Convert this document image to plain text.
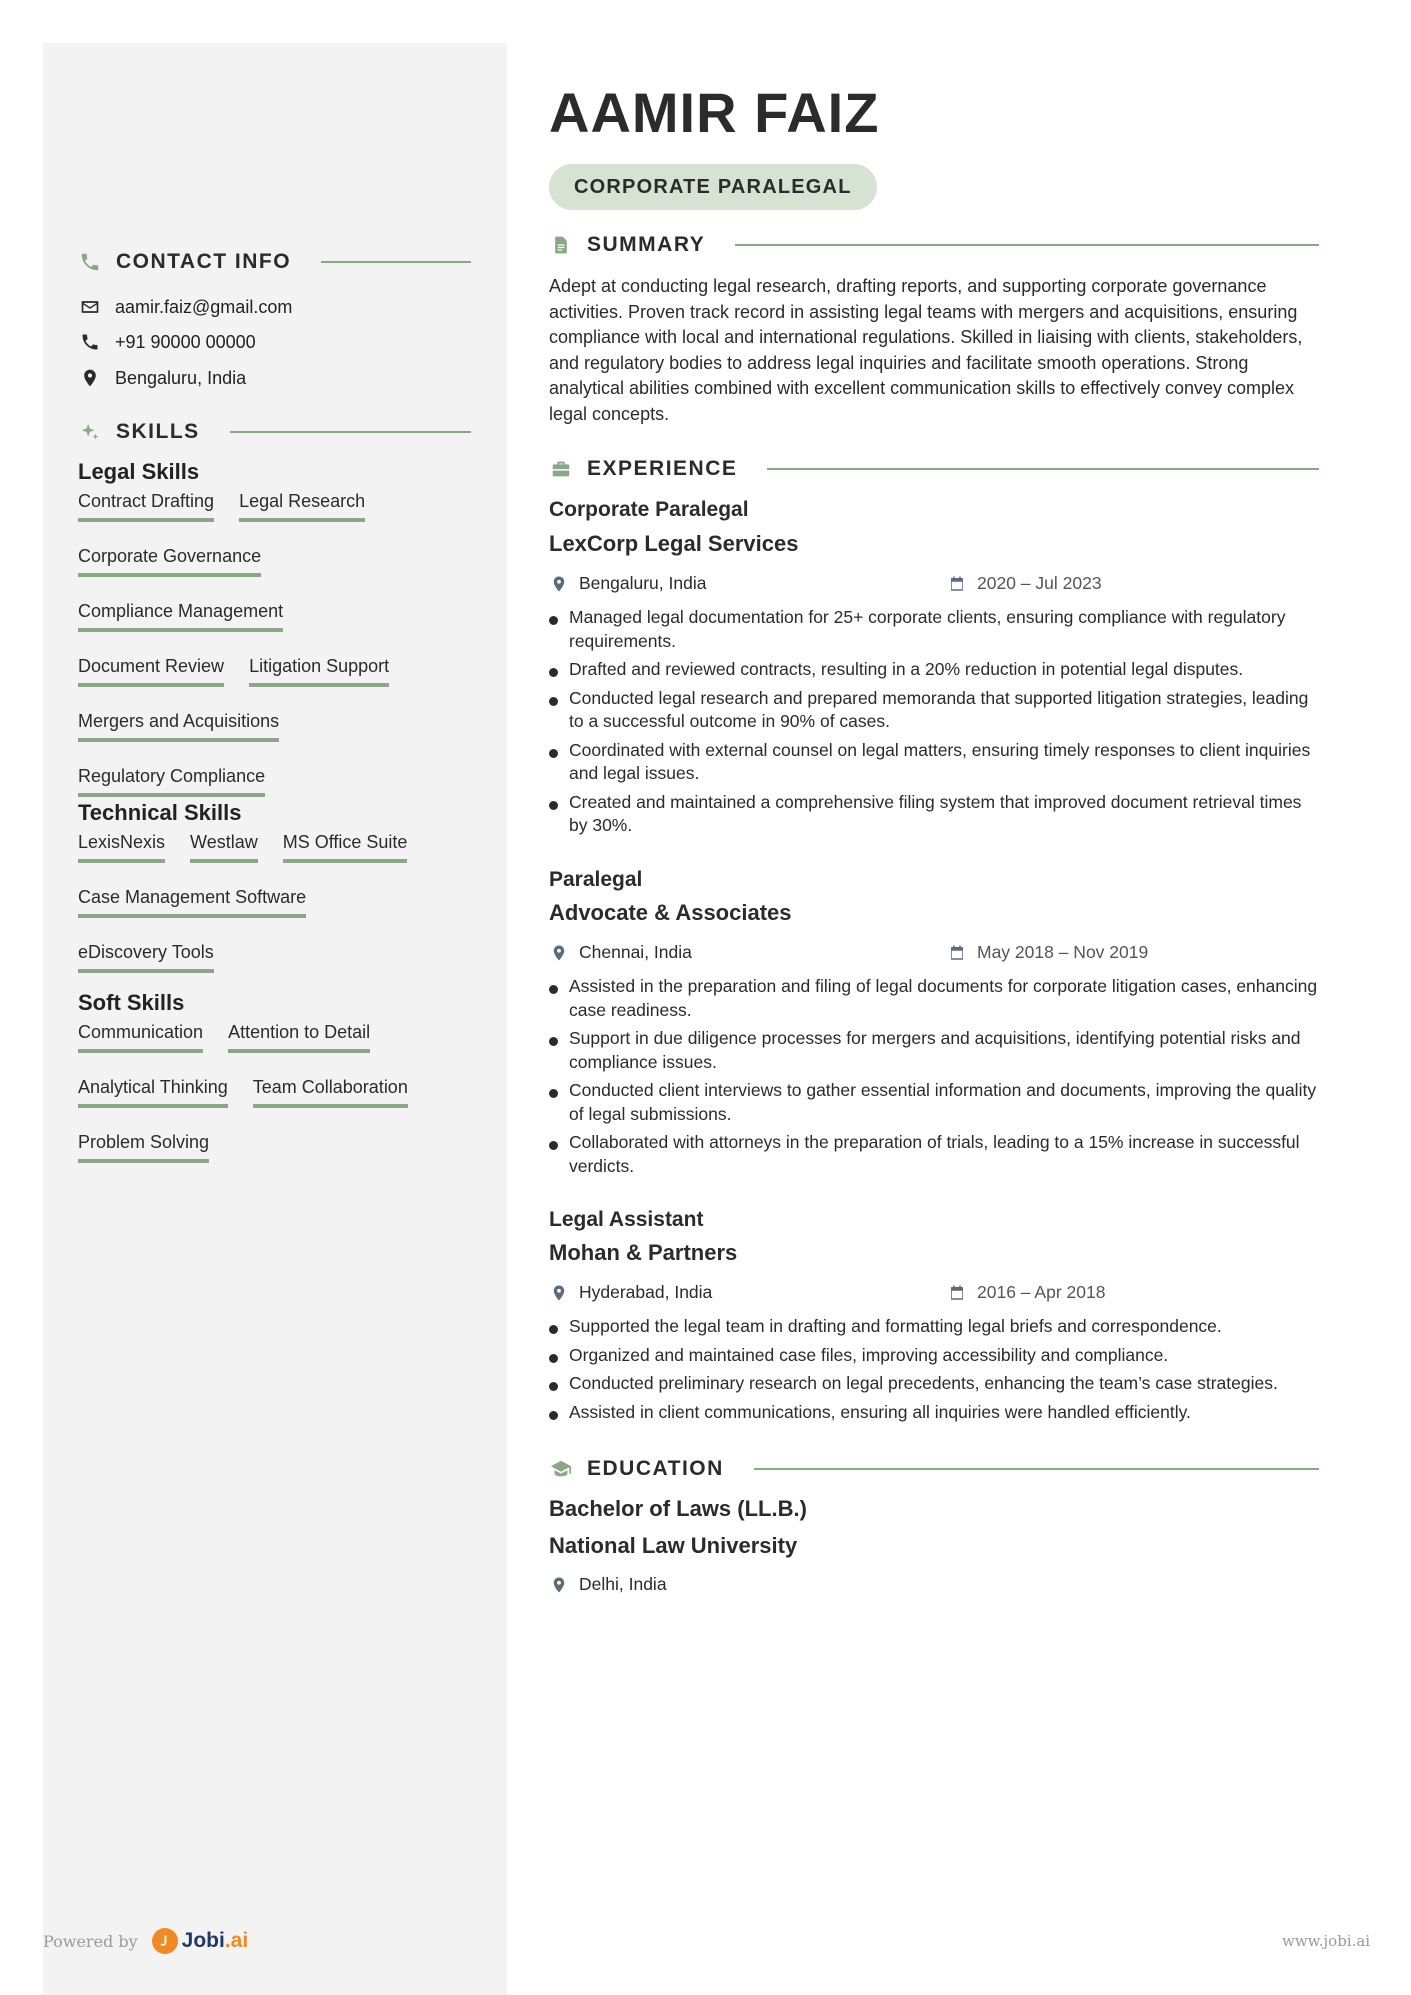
CONTACT INFO
aamir.faiz@gmail.com
+91 90000 00000
Bengaluru, India
SKILLS
Legal Skills
Contract Drafting Legal Research
Corporate Governance
Compliance Management
Document Review Litigation Support
Mergers and Acquisitions
Regulatory Compliance
Technical Skills
LexisNexis Westlaw MS Office Suite
Case Management Software
eDiscovery Tools
Soft Skills
Communication Attention to Detail
Analytical Thinking Team Collaboration
Problem Solving
AAMIR FAIZ
CORPORATE PARALEGAL
SUMMARY
Adept at conducting legal research, drafting reports, and supporting corporate governance activities. Proven track record in assisting legal teams with mergers and acquisitions, ensuring compliance with local and international regulations. Skilled in liaising with clients, stakeholders, and regulatory bodies to address legal inquiries and facilitate smooth operations. Strong analytical abilities combined with excellent communication skills to effectively convey complex legal concepts.
EXPERIENCE
Corporate Paralegal
LexCorp Legal Services
Bengaluru, India	2020 – Jul 2023
Managed legal documentation for 25+ corporate clients, ensuring compliance with regulatory requirements.
Drafted and reviewed contracts, resulting in a 20% reduction in potential legal disputes.
Conducted legal research and prepared memoranda that supported litigation strategies, leading to a successful outcome in 90% of cases.
Coordinated with external counsel on legal matters, ensuring timely responses to client inquiries and legal issues.
Created and maintained a comprehensive filing system that improved document retrieval times by 30%.
Paralegal
Advocate & Associates
Chennai, India	May 2018 – Nov 2019
Assisted in the preparation and filing of legal documents for corporate litigation cases, enhancing case readiness.
Support in due diligence processes for mergers and acquisitions, identifying potential risks and compliance issues.
Conducted client interviews to gather essential information and documents, improving the quality of legal submissions.
Collaborated with attorneys in the preparation of trials, leading to a 15% increase in successful verdicts.
Legal Assistant
Mohan & Partners
Hyderabad, India	2016 – Apr 2018
Supported the legal team in drafting and formatting legal briefs and correspondence.
Organized and maintained case files, improving accessibility and compliance.
Conducted preliminary research on legal precedents, enhancing the team’s case strategies.
Assisted in client communications, ensuring all inquiries were handled efficiently.
EDUCATION
Bachelor of Laws (LL.B.)
National Law University
Delhi, India
Powered by Jobi.ai	www.jobi.ai
